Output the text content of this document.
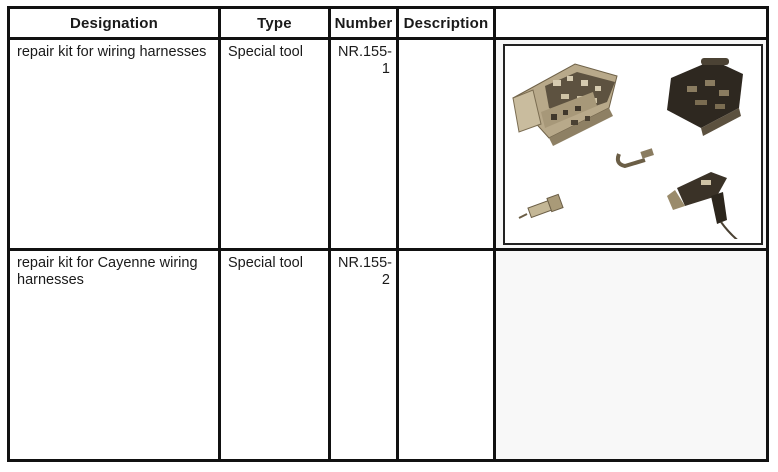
Designation	Type	Number	Description	

repair kit for wiring harnesses	Special tool	NR.155-
1

repair kit for Cayenne wiring harnesses	Special tool	NR.155-
2		
